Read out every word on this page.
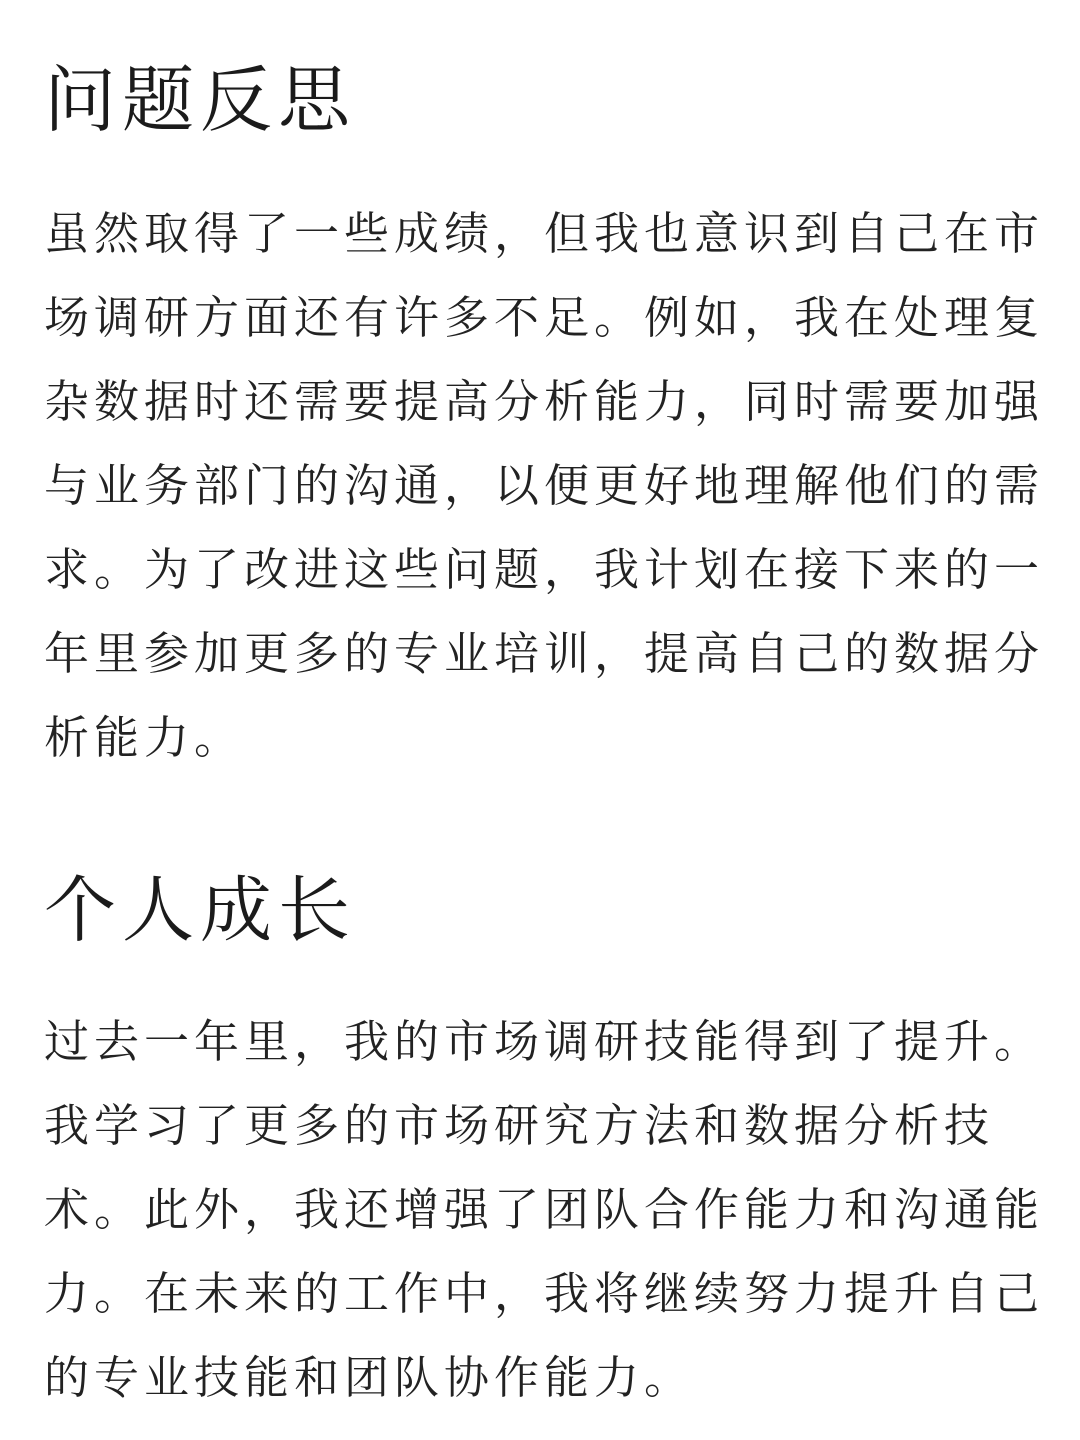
问题反思

虽然取得了一些成绩，但我也意识到自己在市

场调研方面还有许多不足。例如，我在处理复

杂数据时还需要提高分析能力，同时需要加强

与业务部门的沟通，以便更好地理解他们的需

求。为了改进这些问题，我计划在接下来的一

年里参加更多的专业培训，提高自己的数据分

析能力。

个人成长

过去一年里，我的市场调研技能得到了提升。

我学习了更多的市场研究方法和数据分析技

术。此外，我还增强了团队合作能力和沟通能

力。在未来的工作中，我将继续努力提升自己

的专业技能和团队协作能力。
